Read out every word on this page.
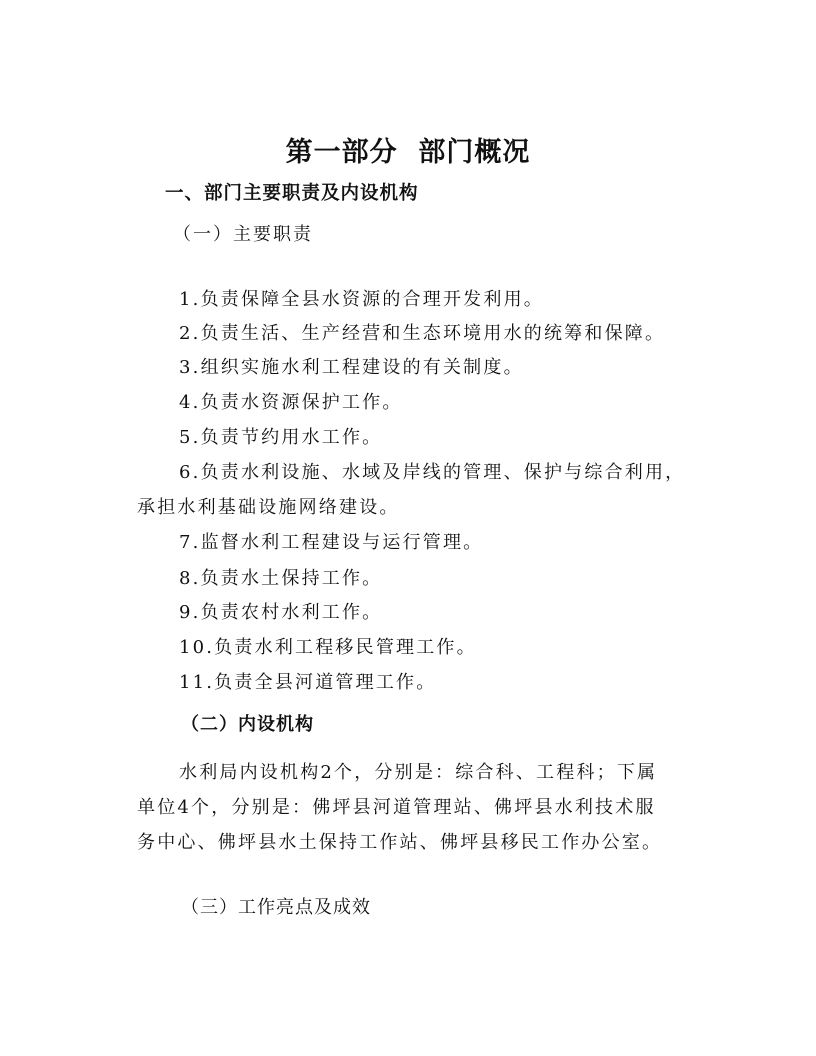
第一部分  部门概况
一、部门主要职责及内设机构
（一）主要职责
1.负责保障全县水资源的合理开发利用。
2.负责生活、生产经营和生态环境用水的统筹和保障。
3.组织实施水利工程建设的有关制度。
4.负责水资源保护工作。
5.负责节约用水工作。
6.负责水利设施、水域及岸线的管理、保护与综合利用，
承担水利基础设施网络建设。
7.监督水利工程建设与运行管理。
8.负责水土保持工作。
9.负责农村水利工作。
10.负责水利工程移民管理工作。
11.负责全县河道管理工作。
（二）内设机构
水利局内设机构2个，分别是：综合科、工程科；下属
单位4个，分别是：佛坪县河道管理站、佛坪县水利技术服
务中心、佛坪县水土保持工作站、佛坪县移民工作办公室。
（三）工作亮点及成效
